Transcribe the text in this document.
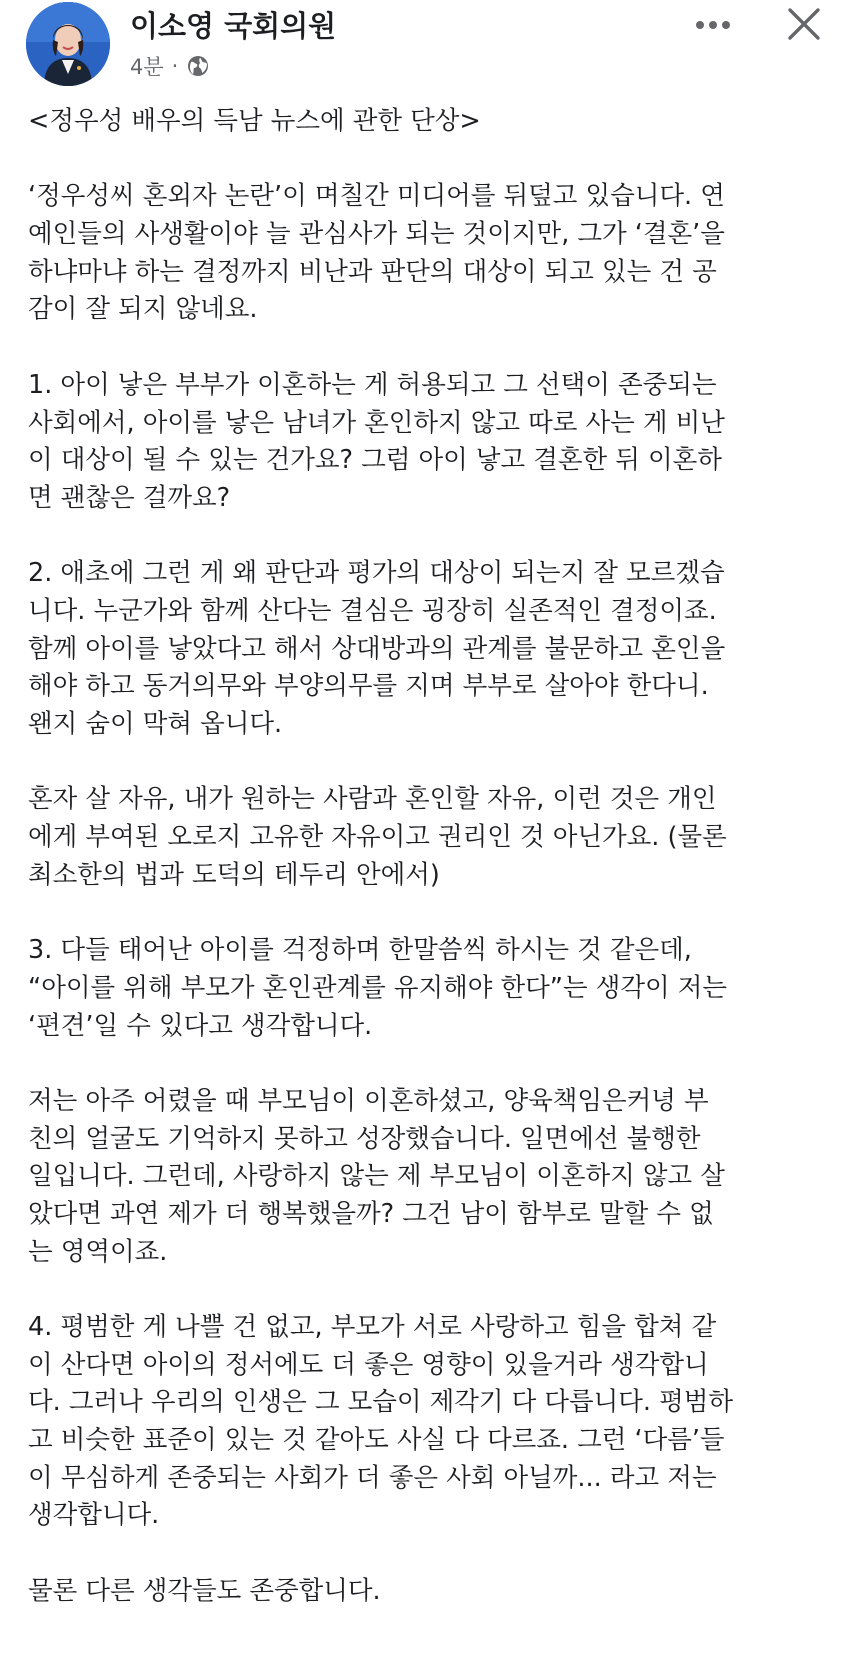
이소영 국회의원
4분 ·
<정우성 배우의 득남 뉴스에 관한 단상>
‘정우성씨 혼외자 논란’이 며칠간 미디어를 뒤덮고 있습니다. 연
예인들의 사생활이야 늘 관심사가 되는 것이지만, 그가 ‘결혼’을
하냐마냐 하는 결정까지 비난과 판단의 대상이 되고 있는 건 공
감이 잘 되지 않네요.
1. 아이 낳은 부부가 이혼하는 게 허용되고 그 선택이 존중되는
사회에서, 아이를 낳은 남녀가 혼인하지 않고 따로 사는 게 비난
이 대상이 될 수 있는 건가요? 그럼 아이 낳고 결혼한 뒤 이혼하
면 괜찮은 걸까요?
2. 애초에 그런 게 왜 판단과 평가의 대상이 되는지 잘 모르겠습
니다. 누군가와 함께 산다는 결심은 굉장히 실존적인 결정이죠.
함께 아이를 낳았다고 해서 상대방과의 관계를 불문하고 혼인을
해야 하고 동거의무와 부양의무를 지며 부부로 살아야 한다니.
왠지 숨이 막혀 옵니다.
혼자 살 자유, 내가 원하는 사람과 혼인할 자유, 이런 것은 개인
에게 부여된 오로지 고유한 자유이고 권리인 것 아닌가요. (물론
최소한의 법과 도덕의 테두리 안에서)
3. 다들 태어난 아이를 걱정하며 한말씀씩 하시는 것 같은데,
“아이를 위해 부모가 혼인관계를 유지해야 한다”는 생각이 저는
‘편견’일 수 있다고 생각합니다.
저는 아주 어렸을 때 부모님이 이혼하셨고, 양육책임은커녕 부
친의 얼굴도 기억하지 못하고 성장했습니다. 일면에선 불행한
일입니다. 그런데, 사랑하지 않는 제 부모님이 이혼하지 않고 살
았다면 과연 제가 더 행복했을까? 그건 남이 함부로 말할 수 없
는 영역이죠.
4. 평범한 게 나쁠 건 없고, 부모가 서로 사랑하고 힘을 합쳐 같
이 산다면 아이의 정서에도 더 좋은 영향이 있을거라 생각합니
다. 그러나 우리의 인생은 그 모습이 제각기 다 다릅니다. 평범하
고 비슷한 표준이 있는 것 같아도 사실 다 다르죠. 그런 ‘다름’들
이 무심하게 존중되는 사회가 더 좋은 사회 아닐까... 라고 저는
생각합니다.
물론 다른 생각들도 존중합니다.
